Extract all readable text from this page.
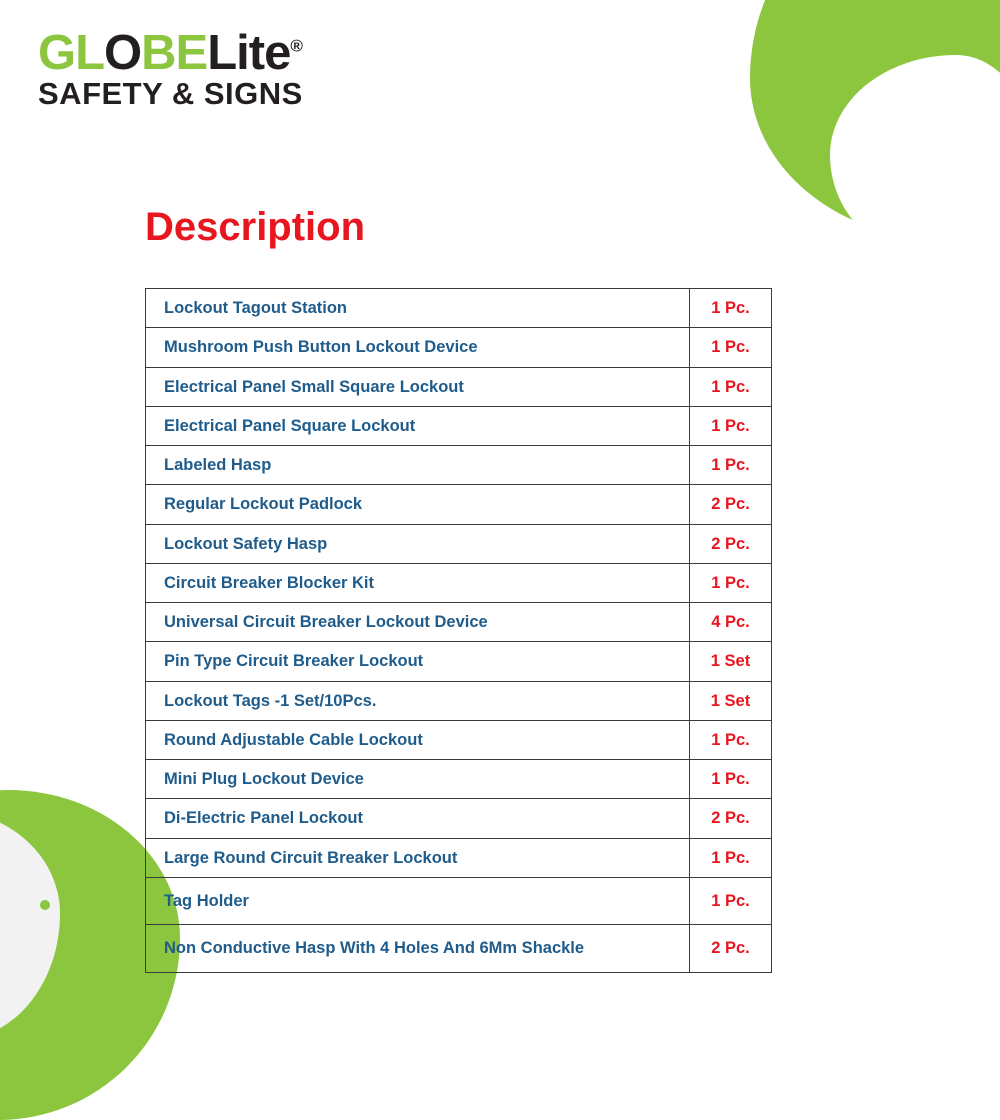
GLOBELite®
SAFETY & SIGNS
Description
Lockout Tagout Station	1 Pc.
Mushroom Push Button Lockout Device	1 Pc.
Electrical Panel Small Square Lockout	1 Pc.
Electrical Panel Square Lockout	1 Pc.
Labeled Hasp	1 Pc.
Regular Lockout Padlock	2 Pc.
Lockout Safety Hasp	2 Pc.
Circuit Breaker Blocker Kit	1 Pc.
Universal Circuit Breaker Lockout Device	4 Pc.
Pin Type Circuit Breaker Lockout	1 Set
Lockout Tags -1 Set/10Pcs.	1 Set
Round Adjustable Cable Lockout	1 Pc.
Mini Plug Lockout Device	1 Pc.
Di-Electric Panel Lockout	2 Pc.
Large Round Circuit Breaker Lockout	1 Pc.
Tag Holder	1 Pc.
Non Conductive Hasp With 4 Holes And 6Mm Shackle	2 Pc.
